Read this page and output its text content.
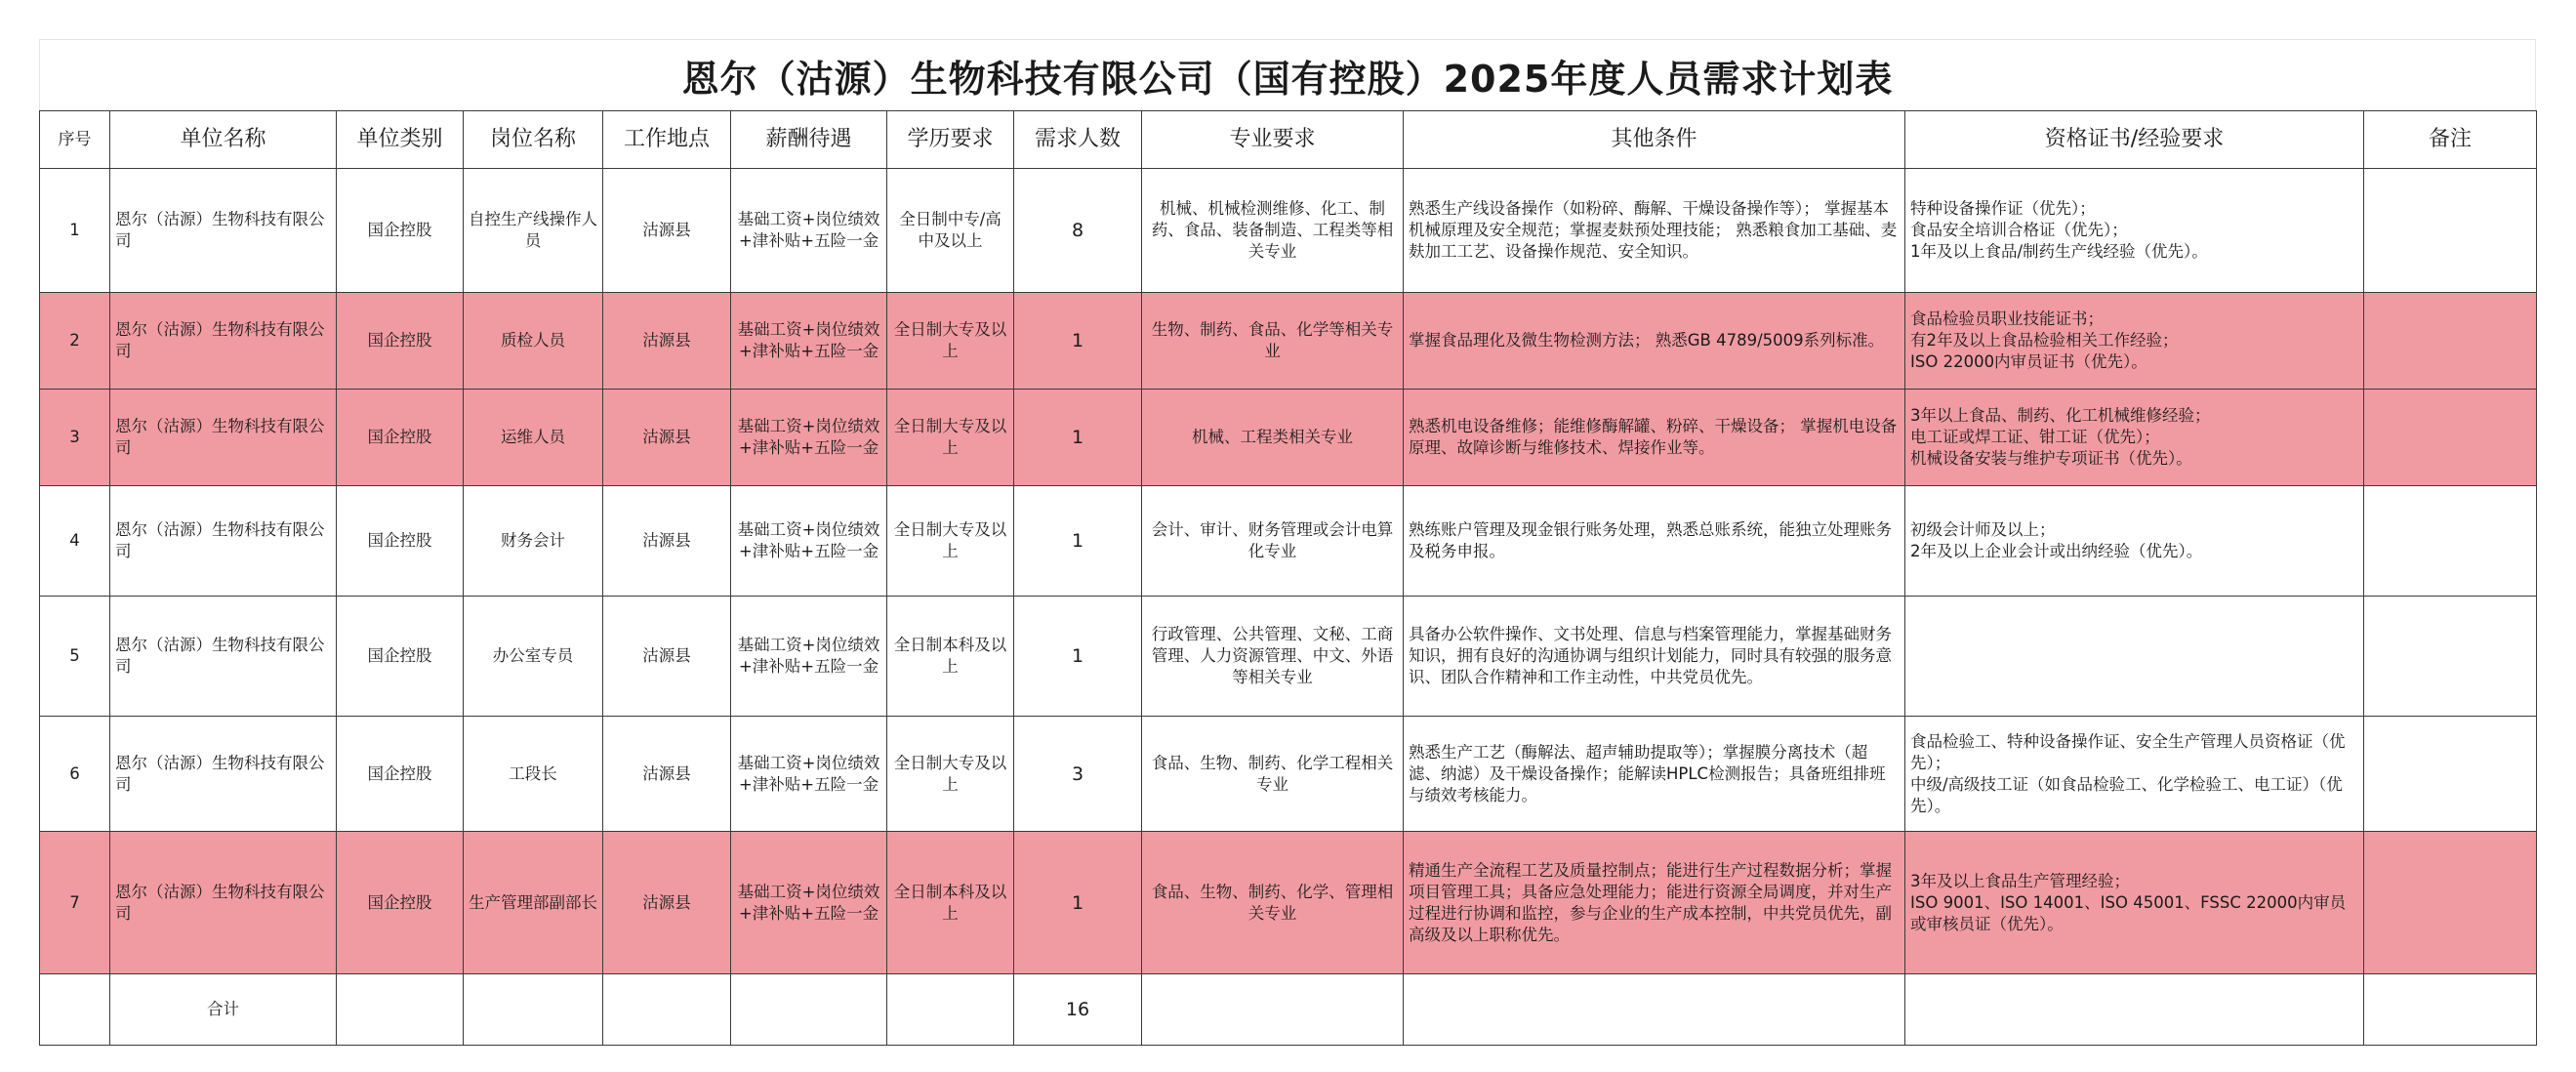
恩尔（沽源）生物科技有限公司（国有控股）2025年度人员需求计划表
序号	单位名称	单位类别	岗位名称	工作地点	薪酬待遇	学历要求	需求人数	专业要求	其他条件	资格证书/经验要求	备注
1	恩尔（沽源）生物科技有限公司	国企控股	自控生产线操作人员	沽源县	基础工资+岗位绩效+津补贴+五险一金	全日制中专/高中及以上	8	机械、机械检测维修、化工、制药、食品、装备制造、工程类等相关专业	熟悉生产线设备操作（如粉碎、酶解、干燥设备操作等）； 掌握基本机械原理及安全规范；掌握麦麸预处理技能； 熟悉粮食加工基础、麦麸加工工艺、设备操作规范、安全知识。	特种设备操作证（优先）；
食品安全培训合格证（优先）；
1年及以上食品/制药生产线经验（优先）。	
2	恩尔（沽源）生物科技有限公司	国企控股	质检人员	沽源县	基础工资+岗位绩效+津补贴+五险一金	全日制大专及以上	1	生物、制药、食品、化学等相关专业	掌握食品理化及微生物检测方法； 熟悉GB 4789/5009系列标准。	食品检验员职业技能证书；
有2年及以上食品检验相关工作经验；
ISO 22000内审员证书（优先）。	
3	恩尔（沽源）生物科技有限公司	国企控股	运维人员	沽源县	基础工资+岗位绩效+津补贴+五险一金	全日制大专及以上	1	机械、工程类相关专业	熟悉机电设备维修；能维修酶解罐、粉碎、干燥设备； 掌握机电设备原理、故障诊断与维修技术、焊接作业等。	3年以上食品、制药、化工机械维修经验；
电工证或焊工证、钳工证（优先）；
机械设备安装与维护专项证书（优先）。	
4	恩尔（沽源）生物科技有限公司	国企控股	财务会计	沽源县	基础工资+岗位绩效+津补贴+五险一金	全日制大专及以上	1	会计、审计、财务管理或会计电算化专业	熟练账户管理及现金银行账务处理，熟悉总账系统，能独立处理账务及税务申报。	初级会计师及以上；
2年及以上企业会计或出纳经验（优先）。	
5	恩尔（沽源）生物科技有限公司	国企控股	办公室专员	沽源县	基础工资+岗位绩效+津补贴+五险一金	全日制本科及以上	1	行政管理、公共管理、文秘、工商管理、人力资源管理、中文、外语等相关专业	具备办公软件操作、文书处理、信息与档案管理能力，掌握基础财务知识，拥有良好的沟通协调与组织计划能力，同时具有较强的服务意识、团队合作精神和工作主动性，中共党员优先。		
6	恩尔（沽源）生物科技有限公司	国企控股	工段长	沽源县	基础工资+岗位绩效+津补贴+五险一金	全日制大专及以上	3	食品、生物、制药、化学工程相关专业	熟悉生产工艺（酶解法、超声辅助提取等）；掌握膜分离技术（超滤、纳滤）及干燥设备操作；能解读HPLC检测报告；具备班组排班与绩效考核能力。	食品检验工、特种设备操作证、安全生产管理人员资格证（优先）；
中级/高级技工证（如食品检验工、化学检验工、电工证）（优先）。	
7	恩尔（沽源）生物科技有限公司	国企控股	生产管理部副部长	沽源县	基础工资+岗位绩效+津补贴+五险一金	全日制本科及以上	1	食品、生物、制药、化学、管理相关专业	精通生产全流程工艺及质量控制点；能进行生产过程数据分析；掌握项目管理工具；具备应急处理能力；能进行资源全局调度，并对生产过程进行协调和监控，参与企业的生产成本控制，中共党员优先，副高级及以上职称优先。	3年及以上食品生产管理经验；
ISO 9001、ISO 14001、ISO 45001、FSSC 22000内审员或审核员证（优先）。	
	合计						16				
